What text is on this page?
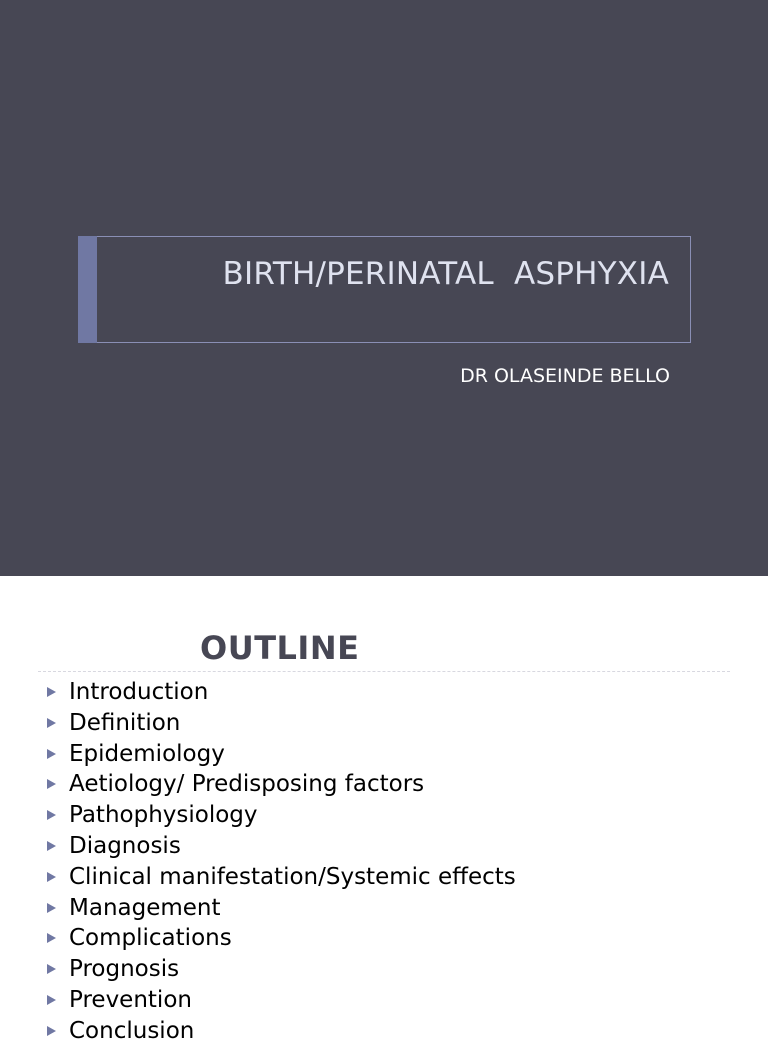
BIRTH/PERINATAL  ASPHYXIA
DR OLASEINDE BELLO
OUTLINE
Introduction
Definition
Epidemiology
Aetiology/ Predisposing factors
Pathophysiology
Diagnosis
Clinical manifestation/Systemic effects
Management
Complications
Prognosis
Prevention
Conclusion
